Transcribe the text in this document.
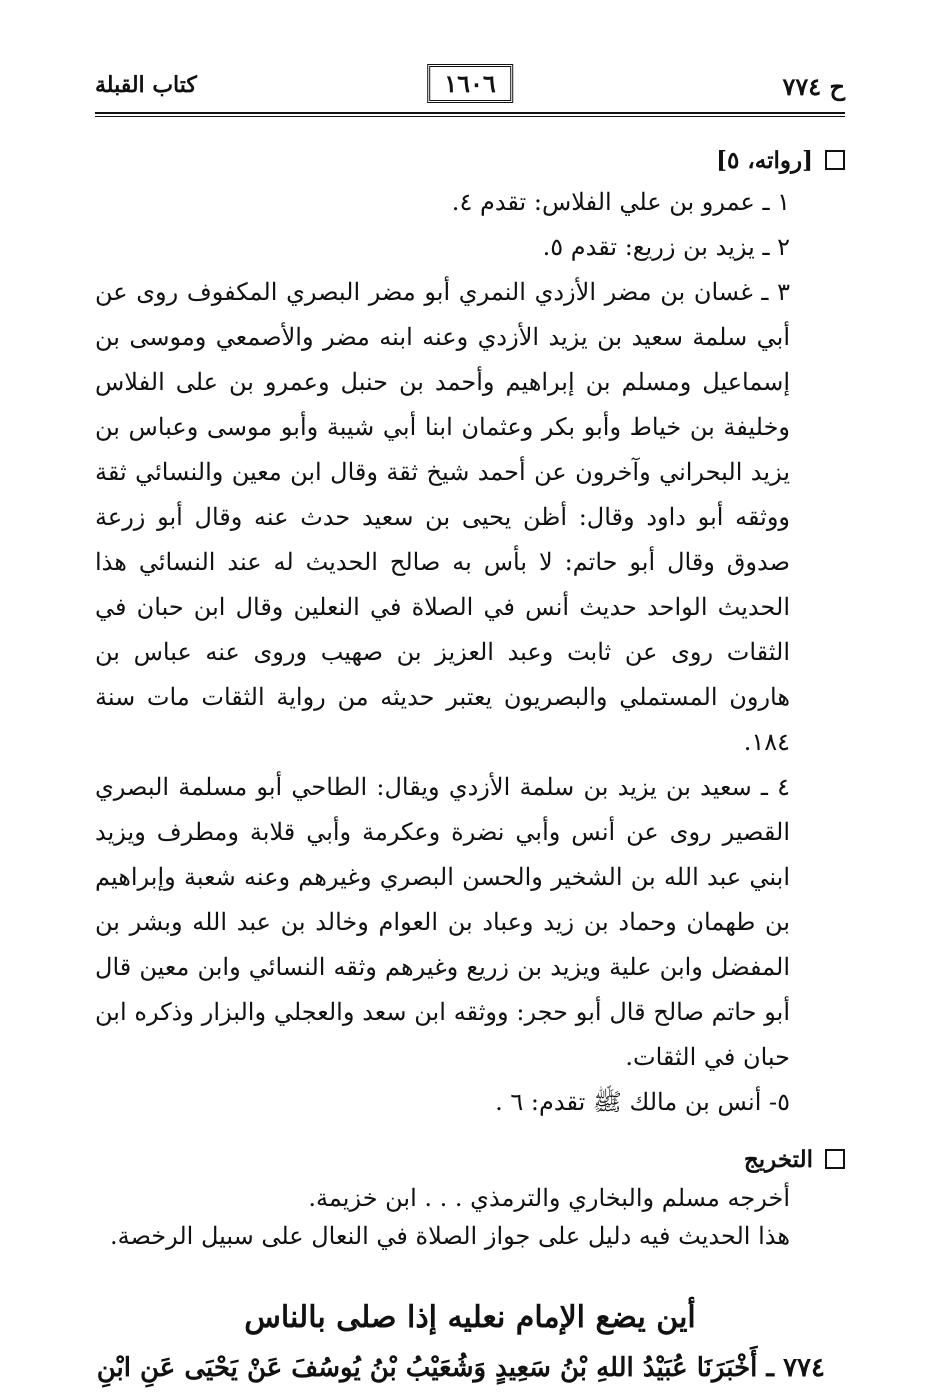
ح ٧٧٤
١٦٠٦
كتاب القبلة
[رواته، ٥]

١ ـ عمرو بن علي الفلاس: تقدم ٤.

٢ ـ يزيد بن زريع: تقدم ٥.

٣ ـ غسان بن مضر الأزدي النمري أبو مضر البصري المكفوف روى عن أبي سلمة سعيد بن يزيد الأزدي وعنه ابنه مضر والأصمعي وموسى بن إسماعيل ومسلم بن إبراهيم وأحمد بن حنبل وعمرو بن على الفلاس وخليفة بن خياط وأبو بكر وعثمان ابنا أبي شيبة وأبو موسى وعباس بن يزيد البحراني وآخرون عن أحمد شيخ ثقة وقال ابن معين والنسائي ثقة ووثقه أبو داود وقال: أظن يحيى بن سعيد حدث عنه وقال أبو زرعة صدوق وقال أبو حاتم: لا بأس به صالح الحديث له عند النسائي هذا الحديث الواحد حديث أنس في الصلاة في النعلين وقال ابن حبان في الثقات روى عن ثابت وعبد العزيز بن صهيب وروى عنه عباس بن هارون المستملي والبصريون يعتبر حديثه من رواية الثقات مات سنة ١٨٤.

٤ ـ سعيد بن يزيد بن سلمة الأزدي ويقال: الطاحي أبو مسلمة البصري القصير روى عن أنس وأبي نضرة وعكرمة وأبي قلابة ومطرف ويزيد ابني عبد الله بن الشخير والحسن البصري وغيرهم وعنه شعبة وإبراهيم بن طهمان وحماد بن زيد وعباد بن العوام وخالد بن عبد الله وبشر بن المفضل وابن علية ويزيد بن زريع وغيرهم وثقه النسائي وابن معين قال أبو حاتم صالح قال أبو حجر: ووثقه ابن سعد والعجلي والبزار وذكره ابن حبان في الثقات.

٥- أنس بن مالك ﷺ تقدم: ٦ .

التخريج

أخرجه مسلم والبخاري والترمذي . . . ابن خزيمة.

هذا الحديث فيه دليل على جواز الصلاة في النعال على سبيل الرخصة.

أين يضع الإمام نعليه إذا صلى بالناس
٧٧٤ ـ أَخْبَرَنَا عُبَيْدُ اللهِ بْنُ سَعِيدٍ وَشُعَيْبُ بْنُ يُوسُفَ عَنْ يَحْيَى عَنِ ابْنِ
